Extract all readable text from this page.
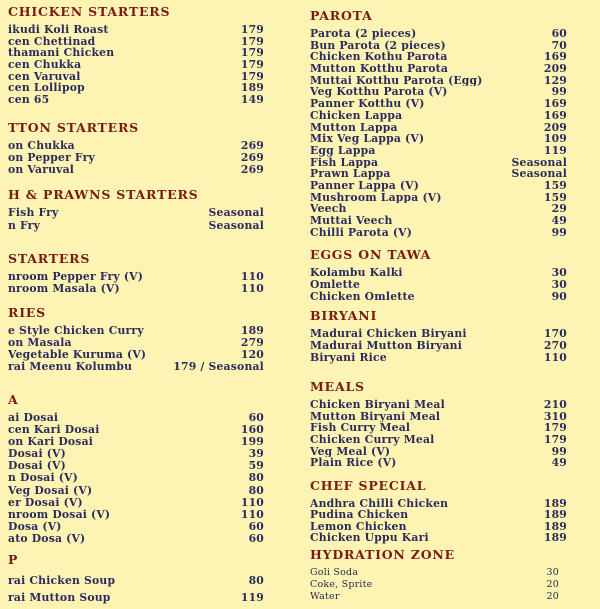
CHICKEN STARTERS
ikudi Koli Roast	179
cen Chettinad	179
thamani Chicken	179
cen Chukka	179
cen Varuval	179
cen Lollipop	189
cen 65	149
TTON STARTERS
on Chukka	269
on Pepper Fry	269
on Varuval	269
H & PRAWNS STARTERS
Fish Fry	Seasonal
n Fry	Seasonal
STARTERS
nroom Pepper Fry (V)	110
nroom Masala (V)	110
RIES
e Style Chicken Curry	189
on Masala	279
Vegetable Kuruma (V)	120
rai Meenu Kolumbu	179 / Seasonal
A
ai Dosai	60
cen Kari Dosai	160
on Kari Dosai	199
Dosai (V)	39
Dosai (V)	59
n Dosai (V)	80
Veg Dosai (V)	80
er Dosai (V)	110
nroom Dosai (V)	110
Dosa (V)	60
ato Dosa (V)	60
P
rai Chicken Soup	80
rai Mutton Soup	119
PAROTA
Parota (2 pieces)	60
Bun Parota (2 pieces)	70
Chicken Kothu Parota	169
Mutton Kotthu Parota	209
Muttai Kotthu Parota (Egg)	129
Veg Kotthu Parota (V)	99
Panner Kotthu (V)	169
Chicken Lappa	169
Mutton Lappa	209
Mix Veg Lappa (V)	109
Egg Lappa	119
Fish Lappa	Seasonal
Prawn Lappa	Seasonal
Panner Lappa (V)	159
Mushroom Lappa (V)	159
Veech	29
Muttai Veech	49
Chilli Parota (V)	99
EGGS ON TAWA
Kolambu Kalki	30
Omlette	30
Chicken Omlette	90
BIRYANI
Madurai Chicken Biryani	170
Madurai Mutton Biryani	270
Biryani Rice	110
MEALS
Chicken Biryani Meal	210
Mutton Biryani Meal	310
Fish Curry Meal	179
Chicken Curry Meal	179
Veg Meal (V)	99
Plain Rice (V)	49
CHEF SPECIAL
Andhra Chilli Chicken	189
Pudina Chicken	189
Lemon Chicken	189
Chicken Uppu Kari	189
HYDRATION ZONE
Goli Soda	30
Coke, Sprite	20
Water	20
